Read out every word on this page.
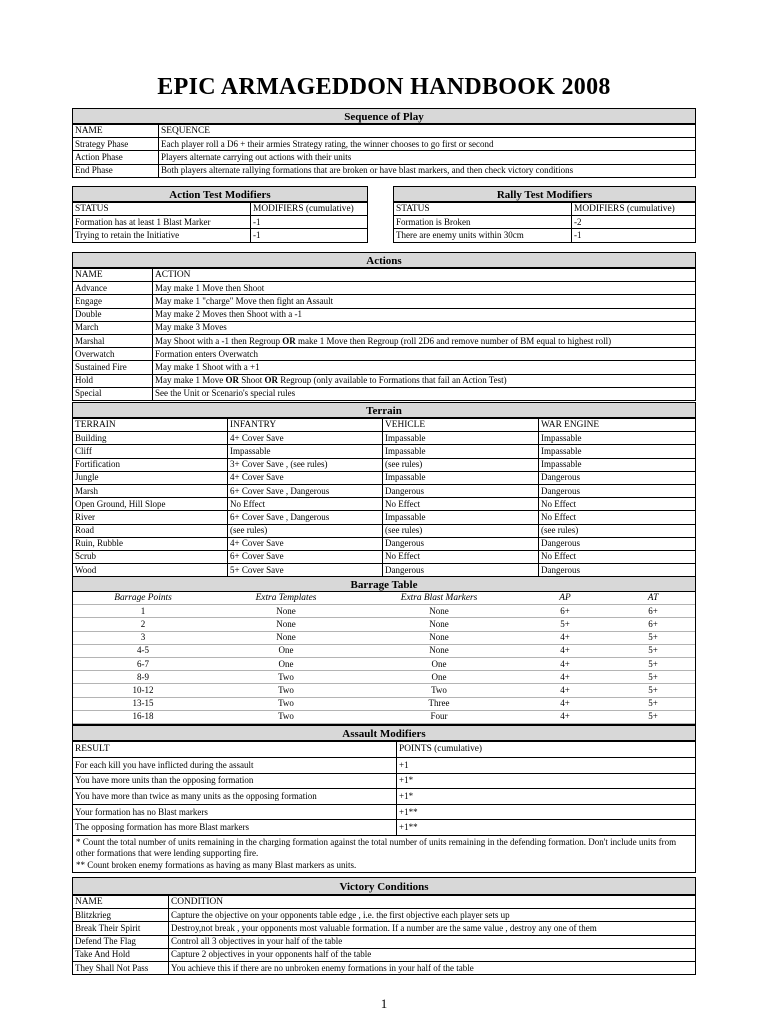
EPIC ARMAGEDDON HANDBOOK 2008
Sequence of Play
NAME	SEQUENCE
Strategy Phase	Each player roll a D6 + their armies Strategy rating, the winner chooses to go first or second
Action Phase	Players alternate carrying out actions with their units
End Phase	Both players alternate rallying formations that are broken or have blast markers, and then check victory conditions
Action Test Modifiers
STATUS	MODIFIERS (cumulative)
Formation has at least 1 Blast Marker	-1
Trying to retain the Initiative	-1
Rally Test Modifiers
STATUS	MODIFIERS (cumulative)
Formation is Broken	-2
There are enemy units within 30cm	-1
Actions
NAME	ACTION
Advance	May make 1 Move then Shoot
Engage	May make 1 "charge" Move then fight an Assault
Double	May make 2 Moves then Shoot with a -1
March	May make 3 Moves
Marshal	May Shoot with a -1 then Regroup OR make 1 Move then Regroup (roll 2D6 and remove number of BM equal to highest roll)
Overwatch	Formation enters Overwatch
Sustained Fire	May make 1 Shoot with a +1
Hold	May make 1 Move OR Shoot OR Regroup (only available to Formations that fail an Action Test)
Special	See the Unit or Scenario's special rules
Terrain
TERRAIN	INFANTRY	VEHICLE	WAR ENGINE
Building	4+ Cover Save	Impassable	Impassable
Cliff	Impassable	Impassable	Impassable
Fortification	3+ Cover Save , (see rules)	(see rules)	Impassable
Jungle	4+ Cover Save	Impassable	Dangerous
Marsh	6+ Cover Save , Dangerous	Dangerous	Dangerous
Open Ground, Hill Slope	No Effect	No Effect	No Effect
River	6+ Cover Save , Dangerous	Impassable	No Effect
Road	(see rules)	(see rules)	(see rules)
Ruin, Rubble	4+ Cover Save	Dangerous	Dangerous
Scrub	6+ Cover Save	No Effect	No Effect
Wood	5+ Cover Save	Dangerous	Dangerous
Barrage Table
Barrage Points	Extra Templates	Extra Blast Markers	AP	AT
1	None	None	6+	6+
2	None	None	5+	6+
3	None	None	4+	5+
4-5	One	None	4+	5+
6-7	One	One	4+	5+
8-9	Two	One	4+	5+
10-12	Two	Two	4+	5+
13-15	Two	Three	4+	5+
16-18	Two	Four	4+	5+
Assault Modifiers
RESULT	POINTS (cumulative)
For each kill you have inflicted during the assault	+1
You have more units than the opposing formation	+1*
You have more than twice as many units as the opposing formation	+1*
Your formation has no Blast markers	+1**
The opposing formation has more Blast markers	+1**
* Count the total number of units remaining in the charging formation against the total number of units remaining in the defending formation. Don't include units from other formations that were lending supporting fire.
** Count broken enemy formations as having as many Blast markers as units.
Victory Conditions
NAME	CONDITION
Blitzkrieg	Capture the objective on your opponents table edge , i.e. the first objective each player sets up
Break Their Spirit	Destroy,not break , your opponents most valuable formation. If a number are the same value , destroy any one of them
Defend The Flag	Control all 3 objectives in your half of the table
Take And Hold	Capture 2 objectives in your opponents half of the table
They Shall Not Pass	You achieve this if there are no unbroken enemy formations in your half of the table
1
